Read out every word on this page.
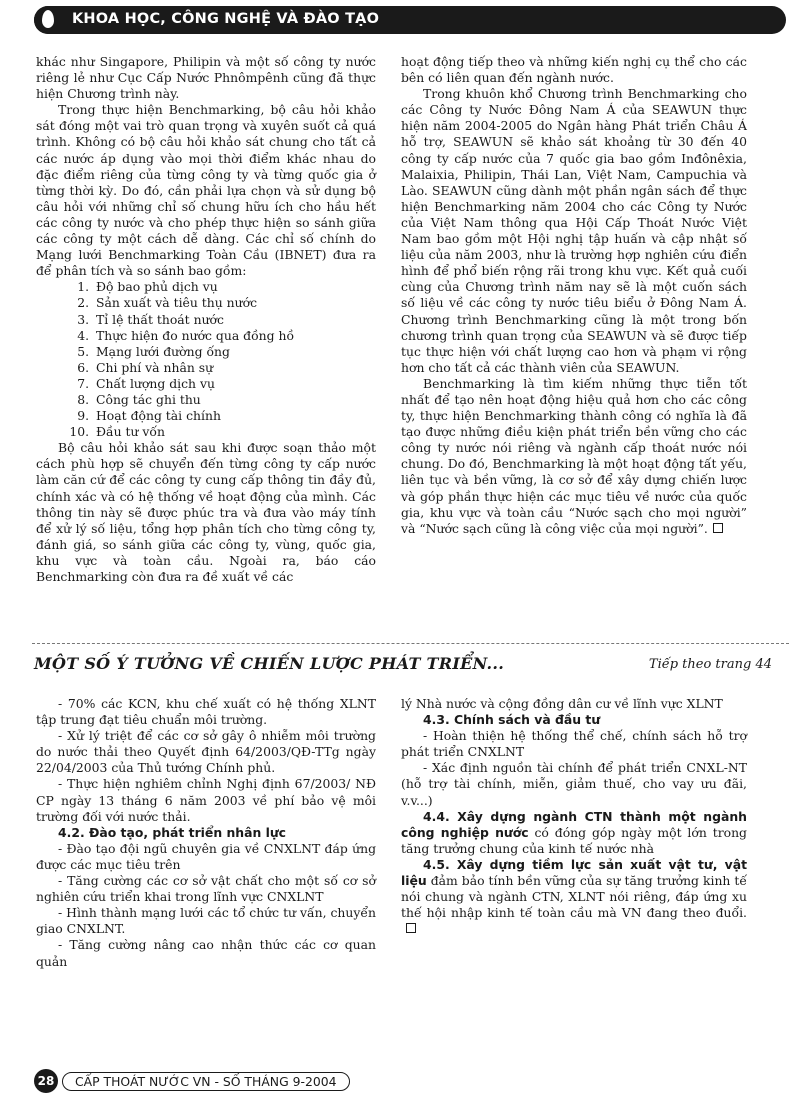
KHOA HỌC, CÔNG NGHỆ VÀ ĐÀO TẠO

khác như Singapore, Philipin và một số công ty nước riêng lẻ như Cục Cấp Nước Phnômpênh cũng đã thực hiện Chương trình này.

Trong thực hiện Benchmarking, bộ câu hỏi khảo sát đóng một vai trò quan trọng và xuyên suốt cả quá trình. Không có bộ câu hỏi khảo sát chung cho tất cả các nước áp dụng vào mọi thời điểm khác nhau do đặc điểm riêng của từng công ty và từng quốc gia ở từng thời kỳ. Do đó, cần phải lựa chọn và sử dụng bộ câu hỏi với những chỉ số chung hữu ích cho hầu hết các công ty nước và cho phép thực hiện so sánh giữa các công ty một cách dễ dàng. Các chỉ số chính do Mạng lưới Benchmarking Toàn Cầu (IBNET) đưa ra để phân tích và so sánh bao gồm:

1. Độ bao phủ dịch vụ
2. Sản xuất và tiêu thụ nước
3. Tỉ lệ thất thoát nước
4. Thực hiện đo nước qua đồng hồ
5. Mạng lưới đường ống
6. Chi phí và nhân sự
7. Chất lượng dịch vụ
8. Công tác ghi thu
9. Hoạt động tài chính
10. Đầu tư vốn

Bộ câu hỏi khảo sát sau khi được soạn thảo một cách phù hợp sẽ chuyển đến từng công ty cấp nước làm căn cứ để các công ty cung cấp thông tin đầy đủ, chính xác và có hệ thống về hoạt động của mình. Các thông tin này sẽ được phúc tra và đưa vào máy tính để xử lý số liệu, tổng hợp phân tích cho từng công ty, đánh giá, so sánh giữa các công ty, vùng, quốc gia, khu vực và toàn cầu. Ngoài ra, báo cáo Benchmarking còn đưa ra đề xuất về các

hoạt động tiếp theo và những kiến nghị cụ thể cho các bên có liên quan đến ngành nước.

Trong khuôn khổ Chương trình Benchmarking cho các Công ty Nước Đông Nam Á của SEAWUN thực hiện năm 2004-2005 do Ngân hàng Phát triển Châu Á hỗ trợ, SEAWUN sẽ khảo sát khoảng từ 30 đến 40 công ty cấp nước của 7 quốc gia bao gồm Inđônêxia, Malaixia, Philipin, Thái Lan, Việt Nam, Campuchia và Lào. SEAWUN cũng dành một phần ngân sách để thực hiện Benchmarking năm 2004 cho các Công ty Nước của Việt Nam thông qua Hội Cấp Thoát Nước Việt Nam bao gồm một Hội nghị tập huấn và cập nhật số liệu của năm 2003, như là trường hợp nghiên cứu điển hình để phổ biến rộng rãi trong khu vực. Kết quả cuối cùng của Chương trình năm nay sẽ là một cuốn sách số liệu về các công ty nước tiêu biểu ở Đông Nam Á. Chương trình Benchmarking cũng là một trong bốn chương trình quan trọng của SEAWUN và sẽ được tiếp tục thực hiện với chất lượng cao hơn và phạm vi rộng hơn cho tất cả các thành viên của SEAWUN.

Benchmarking là tìm kiếm những thực tiễn tốt nhất để tạo nên hoạt động hiệu quả hơn cho các công ty, thực hiện Benchmarking thành công có nghĩa là đã tạo được những điều kiện phát triển bền vững cho các công ty nước nói riêng và ngành cấp thoát nước nói chung. Do đó, Benchmarking là một hoạt động tất yếu, liên tục và bền vững, là cơ sở để xây dựng chiến lược và góp phần thực hiện các mục tiêu về nước của quốc gia, khu vực và toàn cầu “Nước sạch cho mọi người” và “Nước sạch cũng là công việc của mọi người”.

MỘT SỐ Ý TƯỞNG VỀ CHIẾN LƯỢC PHÁT TRIỂN...	Tiếp theo trang 44

- 70% các KCN, khu chế xuất có hệ thống XLNT tập trung đạt tiêu chuẩn môi trường.

- Xử lý triệt để các cơ sở gây ô nhiễm môi trường do nước thải theo Quyết định 64/2003/QĐ-TTg ngày 22/04/2003 của Thủ tướng Chính phủ.

- Thực hiện nghiêm chỉnh Nghị định 67/2003/ NĐ CP ngày 13 tháng 6 năm 2003 về phí bảo vệ môi trường đối với nước thải.

4.2. Đào tạo, phát triển nhân lực

- Đào tạo đội ngũ chuyên gia về CNXLNT đáp ứng được các mục tiêu trên

- Tăng cường các cơ sở vật chất cho một số cơ sở nghiên cứu triển khai trong lĩnh vực CNXLNT

- Hình thành mạng lưới các tổ chức tư vấn, chuyển giao CNXLNT.

- Tăng cường nâng cao nhận thức các cơ quan quản

lý Nhà nước và cộng đồng dân cư về lĩnh vực XLNT

4.3. Chính sách và đầu tư

- Hoàn thiện hệ thống thể chế, chính sách hỗ trợ phát triển CNXLNT

- Xác định nguồn tài chính để phát triển CNXL-NT (hỗ trợ tài chính, miễn, giảm thuế, cho vay ưu đãi, v.v...)

4.4. Xây dựng ngành CTN thành một ngành công nghiệp nước có đóng góp ngày một lớn trong tăng trưởng chung của kinh tế nước nhà

4.5. Xây dựng tiềm lực sản xuất vật tư, vật liệu đảm bảo tính bền vững của sự tăng trưởng kinh tế nói chung và ngành CTN, XLNT nói riêng, đáp ứng xu thế hội nhập kinh tế toàn cầu mà VN đang theo đuổi.

28	CẤP THOÁT NƯỚC VN - SỐ THÁNG 9-2004
